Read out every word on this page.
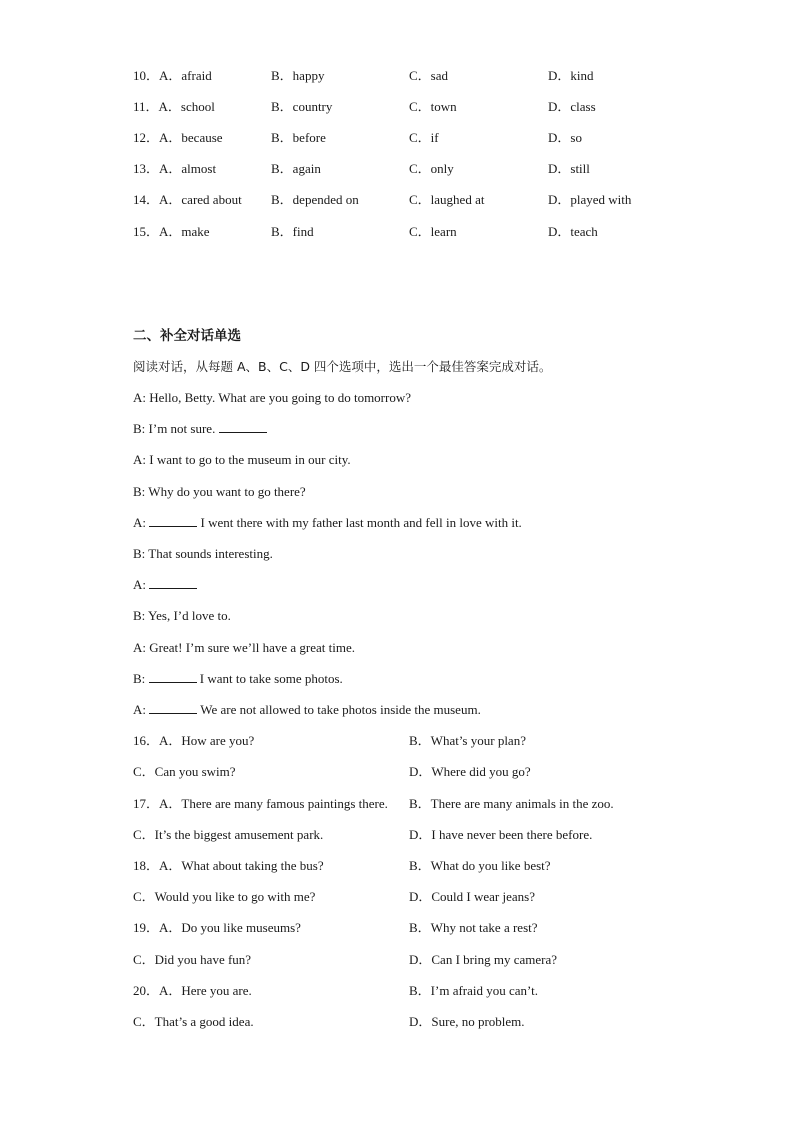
10．A．afraid	B．happy	C．sad	D．kind
11．A．school	B．country	C．town	D．class
12．A．because	B．before	C．if	D．so
13．A．almost	B．again	C．only	D．still
14．A．cared about B．depended on	C．laughed at	D．played with
15．A．make	B．find	C．learn	D．teach
二、补全对话单选
阅读对话，从每题 A、B、C、D 四个选项中，选出一个最佳答案完成对话。
A: Hello, Betty. What are you going to do tomorrow?
B: I’m not sure.
A: I want to go to the museum in our city.
B: Why do you want to go there?
A:	I went there with my father last month and fell in love with it.
B: That sounds interesting.
A:
B: Yes, I’d love to.
A: Great! I’m sure we’ll have a great time.
B:	I want to take some photos.
A:	We are not allowed to take photos inside the museum.
16．A．How are you?	B．What’s your plan?
C．Can you swim?	D．Where did you go?
17．A．There are many famous paintings there. B．There are many animals in the zoo.
C．It’s the biggest amusement park.	D．I have never been there before.
18．A．What about taking the bus?	B．What do you like best?
C．Would you like to go with me?	D．Could I wear jeans?
19．A．Do you like museums?	B．Why not take a rest?
C．Did you have fun?	D．Can I bring my camera?
20．A．Here you are.	B．I’m afraid you can’t.
C．That’s a good idea.	D．Sure, no problem.
